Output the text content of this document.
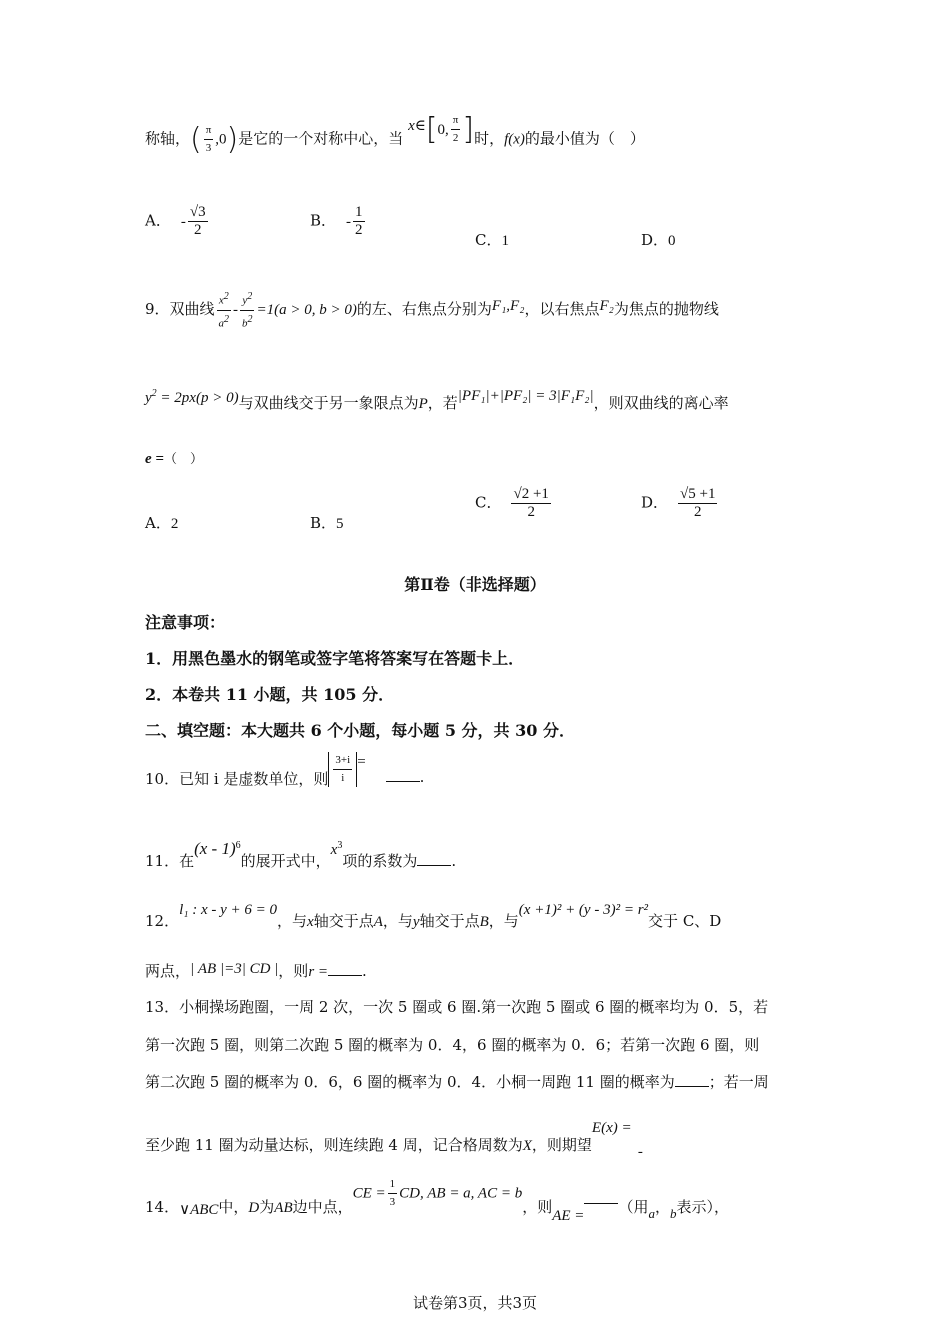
称轴，( $\frac{\pi}{3} ,0$)是它的一个对称中心，当 x∈[0, $\frac{\pi}{2}$ ]时，f(x)的最小值为（　）
A． - $\frac{√3}{2}$	B． - $\frac{1}{2}$
C．1	D．0
9．双曲线 $\frac{x^2}{a^2} - \frac{y^2}{b^2} =1(a > 0$, b > 0)的左、右焦点分别为F₁,F₂，以右焦点F₂为焦点的抛物线
$y^2 = 2px(p > 0)$与双曲线交于另一象限点为P，若|PF₁|+|PF₂| = 3|F₁F₂|，则双曲线的离心率
e =（　）
A．2	B．5
C． $\frac{√2 +1}{2}$	D． $\frac{√5 +1}{2}$
第Ⅱ卷（非选择题）
注意事项：
1．用黑色墨水的钢笔或签字笔将答案写在答题卡上．
2．本卷共 11 小题，共 105 分．
二、填空题：本大题共 6 个小题，每小题 5 分，共 30 分．
10．已知 i 是虚数单位，则 $\frac{3+i}{i}$ =.
11．在(x - 1)$^6$的展开式中，$x^3$项的系数为 .
12．l₁ : x - y + 6 = 0，与x轴交于点A，与y轴交于点B，与(x +1)² + (y - 3)² = r²交于 C、D
两点，| AB |=3| CD |，则r = .
13．小桐操场跑圈，一周 2 次，一次 5 圈或 6 圈.第一次跑 5 圈或 6 圈的概率均为 0．5，若
第一次跑 5 圈，则第二次跑 5 圈的概率为 0．4，6 圈的概率为 0．6；若第一次跑 6 圈，则
第二次跑 5 圈的概率为 0．6，6 圈的概率为 0．4．小桐一周跑 11 圈的概率为 ；若一周
至少跑 11 圈为动量达标，则连续跑 4 周，记合格周数为X，则期望E(x) =
-
14．∨ABC中，D为AB边中点，CE = $\frac{1}{3}$ CD, AB = a, AC = b，则AE = （用a，b表示），
试卷第3页，共3页
